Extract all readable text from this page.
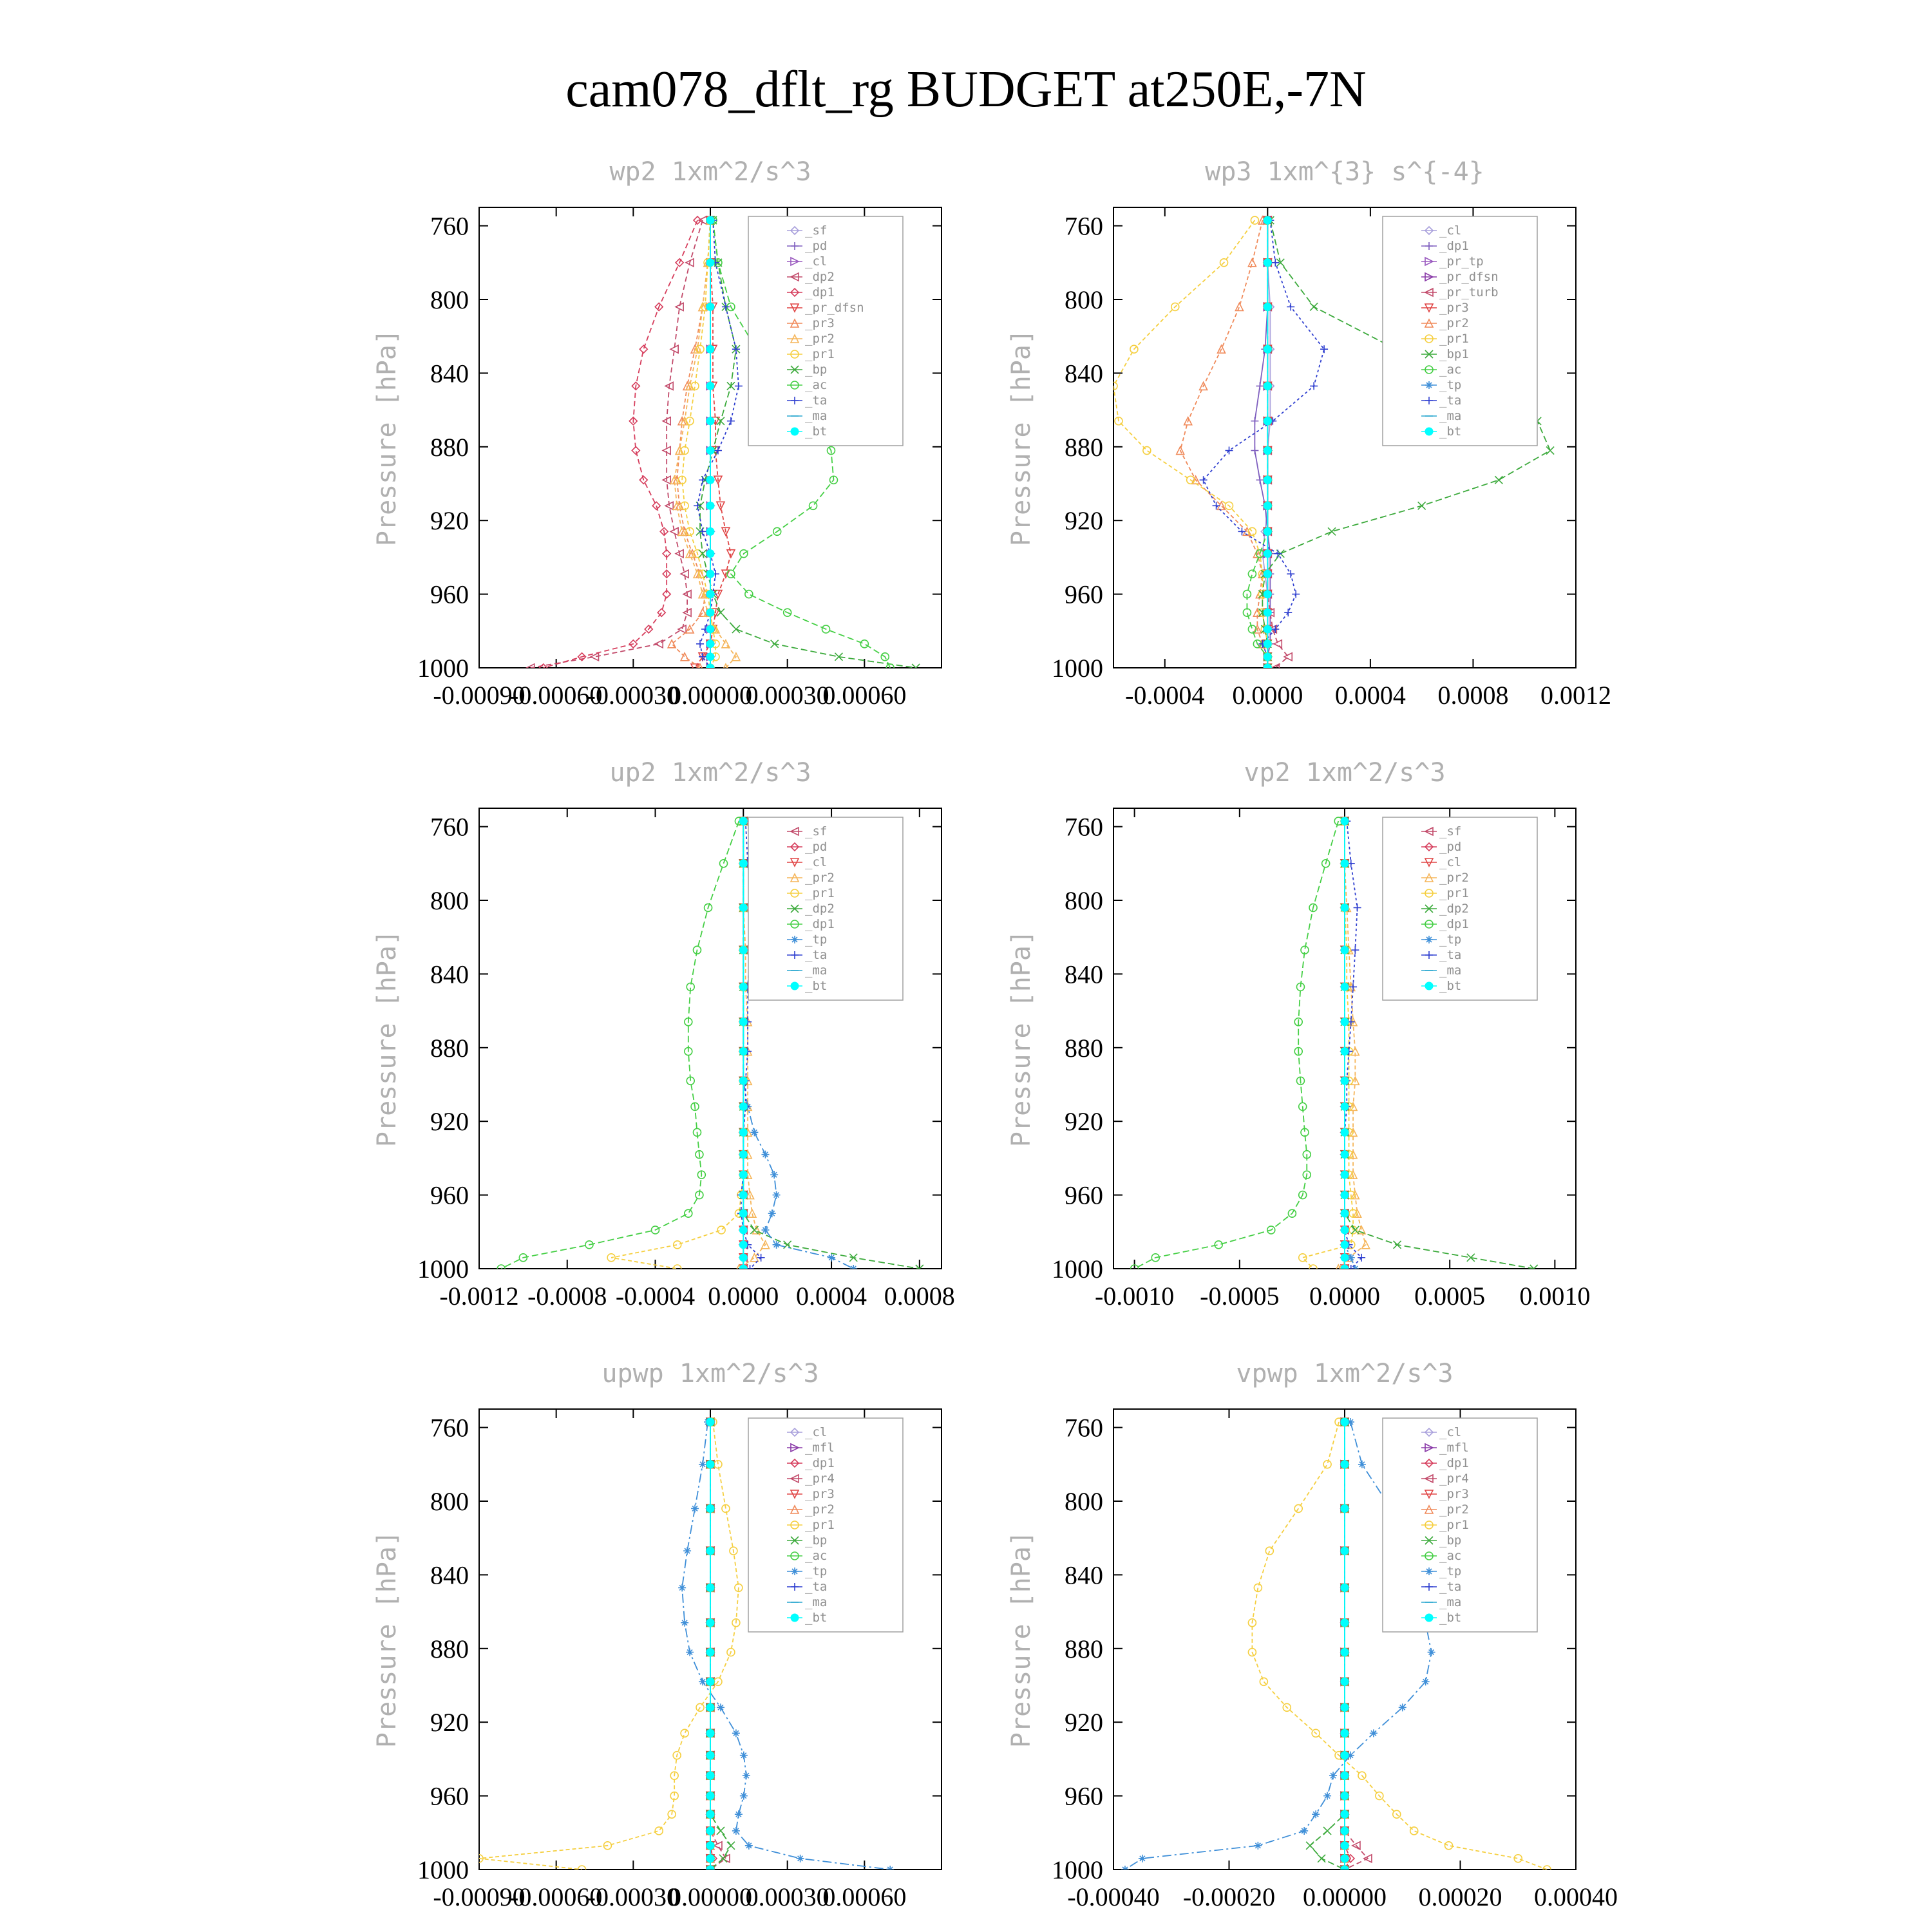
cam078_dflt_rg BUDGET at250E,-7N
wp2 1xm^2/s^3
Pressure [hPa]
760
800
840
880
920
960
1000
-0.00090
-0.00060
-0.00030
0.00000
0.00030
0.00060
_sf
_pd
_cl
_dp2
_dp1
_pr_dfsn
_pr3
_pr2
_pr1
_bp
_ac
_ta
_ma
_bt
wp3 1xm^{3} s^{-4}
Pressure [hPa]
760
800
840
880
920
960
1000
-0.0004 0.0000 0.0004 0.0008 0.0012
_cl
_dp1
_pr_tp
_pr_dfsn
_pr_turb
_pr3
_pr2
_pr1
_bp1
_ac
_tp
_ta
_ma
_bt
up2 1xm^2/s^3
Pressure [hPa]
760
800
840
880
920
960
1000
-0.0012 -0.0008 -0.0004 0.0000 0.0004 0.0008
_sf
_pd
_cl
_pr2
_pr1
_dp2
_dp1
_tp
_ta
_ma
_bt
vp2 1xm^2/s^3
Pressure [hPa]
760
800
840
880
920
960
1000
-0.0010 -0.0005 0.0000 0.0005 0.0010
_sf
_pd
_cl
_pr2
_pr1
_dp2
_dp1
_tp
_ta
_ma
_bt
upwp 1xm^2/s^3
Pressure [hPa]
760
800
840
880
920
960
1000
-0.00090
-0.00060
-0.00030
0.00000
0.00030
0.00060
_cl
_mfl
_dp1
_pr4
_pr3
_pr2
_pr1
_bp
_ac
_tp
_ta
_ma
_bt
vpwp 1xm^2/s^3
Pressure [hPa]
760
800
840
880
920
960
1000
-0.00040 -0.00020 0.00000 0.00020 0.00040
_cl
_mfl
_dp1
_pr4
_pr3
_pr2
_pr1
_bp
_ac
_tp
_ta
_ma
_bt
